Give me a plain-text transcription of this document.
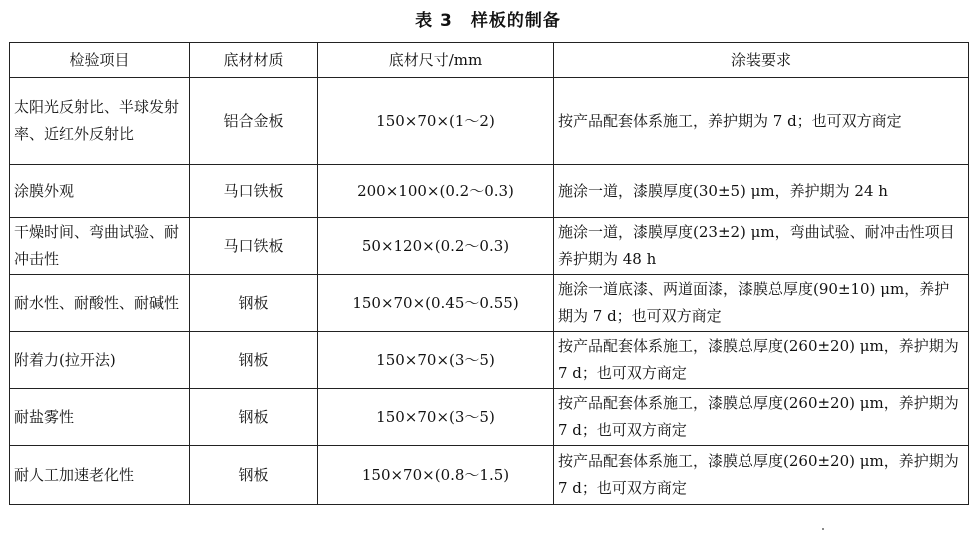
表 3 样板的制备
检验项目	底材材质	底材尺寸/mm	涂装要求
太阳光反射比、半球发射率、近红外反射比	铝合金板	150×70×(1～2)	按产品配套体系施工，养护期为 7 d；也可双方商定
涂膜外观	马口铁板	200×100×(0.2～0.3)	施涂一道，漆膜厚度(30±5) μm，养护期为 24 h
干燥时间、弯曲试验、耐冲击性	马口铁板	50×120×(0.2～0.3)	施涂一道，漆膜厚度(23±2) μm，弯曲试验、耐冲击性项目养护期为 48 h
耐水性、耐酸性、耐碱性	钢板	150×70×(0.45～0.55)	施涂一道底漆、两道面漆，漆膜总厚度(90±10) μm，养护期为 7 d；也可双方商定
附着力(拉开法)	钢板	150×70×(3～5)	按产品配套体系施工，漆膜总厚度(260±20) μm，养护期为 7 d；也可双方商定
耐盐雾性	钢板	150×70×(3～5)	按产品配套体系施工，漆膜总厚度(260±20) μm，养护期为 7 d；也可双方商定
耐人工加速老化性	钢板	150×70×(0.8～1.5)	按产品配套体系施工，漆膜总厚度(260±20) μm，养护期为 7 d；也可双方商定
